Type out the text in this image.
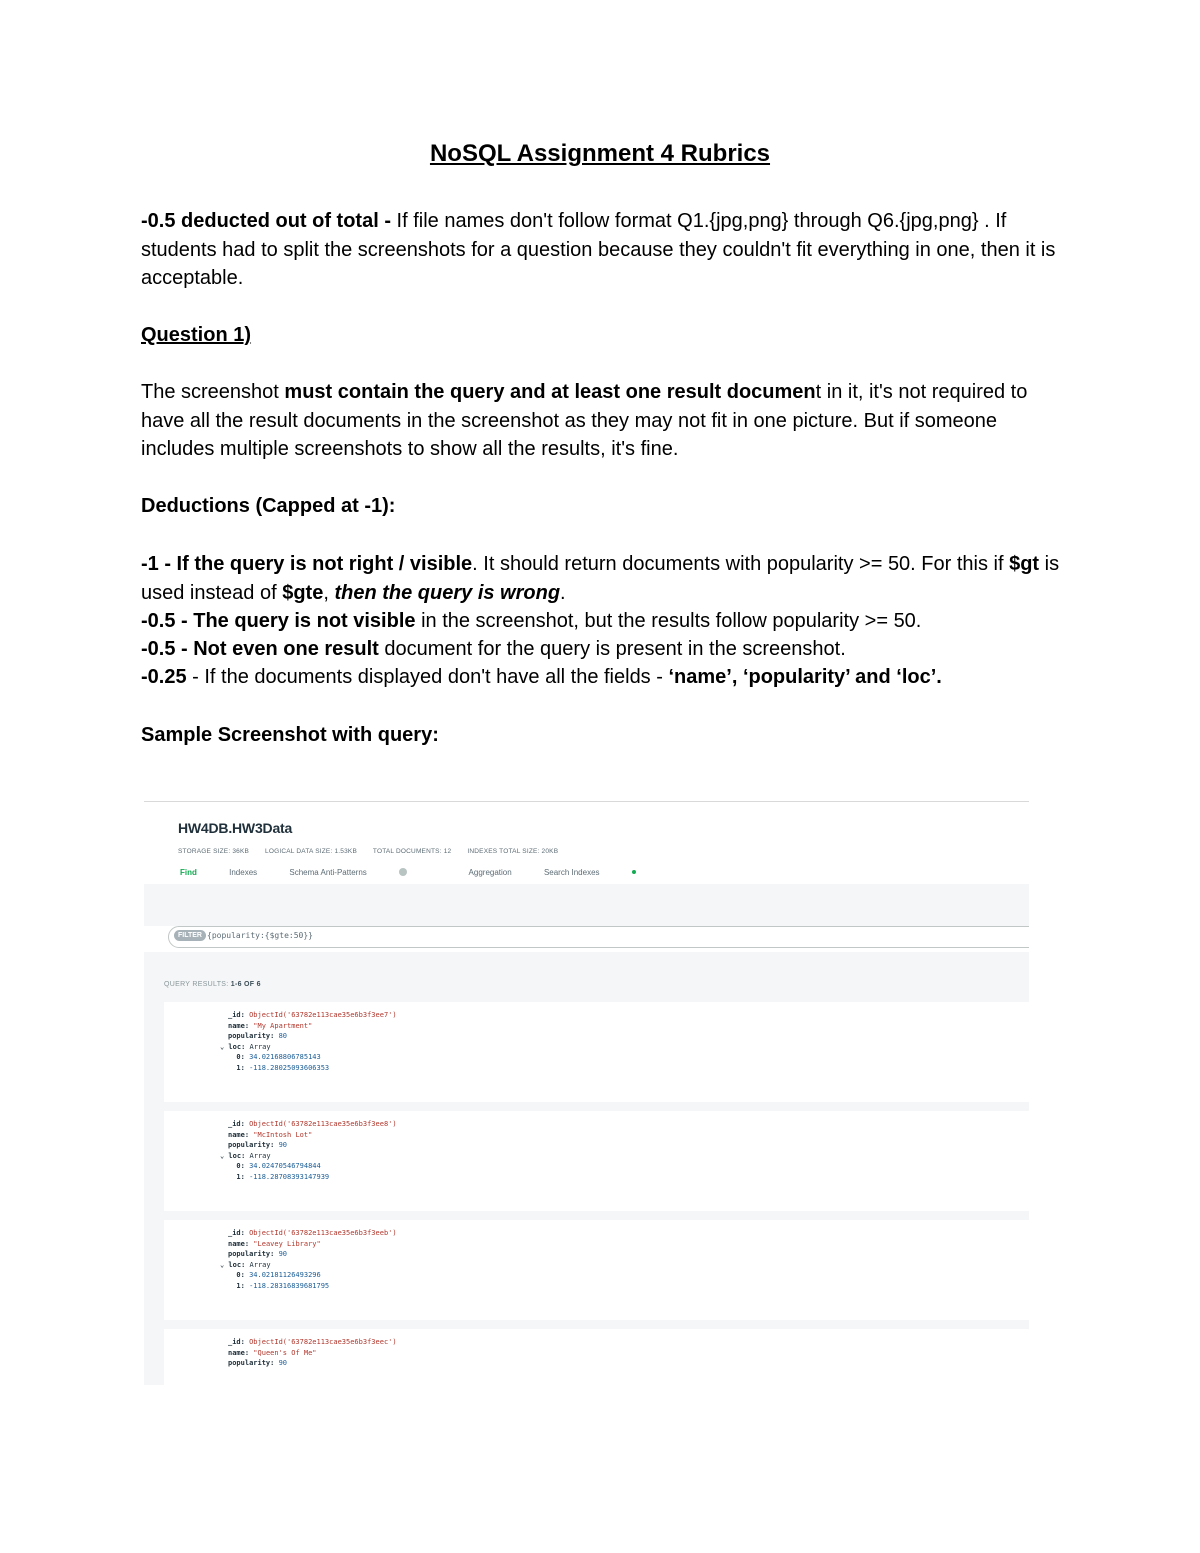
NoSQL Assignment 4 Rubrics

-0.5 deducted out of total - If file names don't follow format Q1.{jpg,png} through Q6.{jpg,png} . If students had to split the screenshots for a question because they couldn't fit everything in one, then it is acceptable.

Question 1)

The screenshot must contain the query and at least one result document in it, it's not required to have all the result documents in the screenshot as they may not fit in one picture. But if someone includes multiple screenshots to show all the results, it's fine.

Deductions (Capped at -1):

-1 - If the query is not right / visible. It should return documents with popularity >= 50. For this if $gt is used instead of $gte, then the query is wrong.

-0.5 - The query is not visible in the screenshot, but the results follow popularity >= 50.

-0.5 - Not even one result document for the query is present in the screenshot.

-0.25 - If the documents displayed don't have all the fields - ‘name’, ‘popularity’ and ‘loc’.

Sample Screenshot with query:

HW4DB.HW3Data
STORAGE SIZE: 36KB LOGICAL DATA SIZE: 1.53KB TOTAL DOCUMENTS: 12 INDEXES TOTAL SIZE: 20KB
Find	Indexes	Schema Anti-Patterns	Aggregation	Search Indexes
FILTER {popularity:{$gte:50}}
QUERY RESULTS: 1-6 OF 6
_id: ObjectId('63782e113cae35e6b3f3ee7')
name: "My Apartment"
popularity: 80
⌄ loc: Array
0: 34.02168806785143
1: -118.28025093606353
_id: ObjectId('63782e113cae35e6b3f3ee8')
name: "McIntosh Lot"
popularity: 90
⌄ loc: Array
0: 34.02470546794844
1: -118.28708393147939
_id: ObjectId('63782e113cae35e6b3f3eeb')
name: "Leavey Library"
popularity: 90
⌄ loc: Array
0: 34.02181126493296
1: -118.28316839681795
_id: ObjectId('63782e113cae35e6b3f3eec')
name: "Queen's Of Me"
popularity: 90
